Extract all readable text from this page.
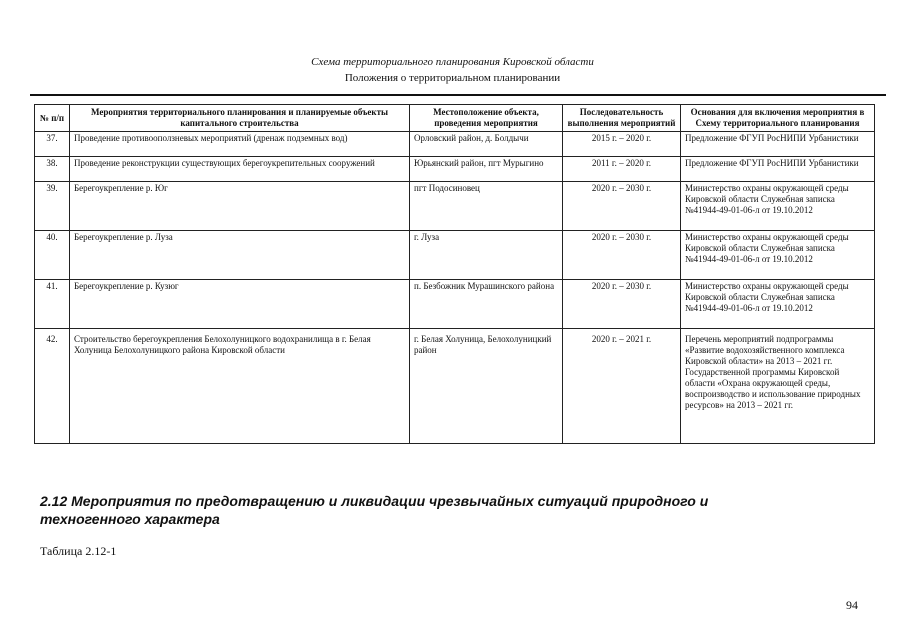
Схема территориального планирования Кировской области
Положения о территориальном планировании
№ п/п	Мероприятия территориального планирования и планируемые объекты капитального строительства	Местоположение объекта, проведения мероприятия	Последовательность выполнения мероприятий	Основания для включения мероприятия в Схему территориального планирования
37.	Проведение противооползневых мероприятий (дренаж подземных вод)	Орловский район, д. Болдычи	2015 г. – 2020 г.	Предложение ФГУП РосНИПИ Урбанистики
38.	Проведение реконструкции существующих берегоукрепительных сооружений	Юрьянский район, пгт Мурыгино	2011 г. – 2020 г.	Предложение ФГУП РосНИПИ Урбанистики
39.	Берегоукрепление р. Юг	пгт Подосиновец	2020 г. – 2030 г.	Министерство охраны окружающей среды Кировской области Служебная записка №41944-49-01-06-л от 19.10.2012
40.	Берегоукрепление р. Луза	г. Луза	2020 г. – 2030 г.	Министерство охраны окружающей среды Кировской области Служебная записка №41944-49-01-06-л от 19.10.2012
41.	Берегоукрепление р. Кузюг	п. Безбожник Мурашинского района	2020 г. – 2030 г.	Министерство охраны окружающей среды Кировской области Служебная записка №41944-49-01-06-л от 19.10.2012
42.	Строительство берегоукрепления Белохолуницкого водохранилища в г. Белая Холуница Белохолуницкого района Кировской области	г. Белая Холуница, Белохолуницкий район	2020 г. – 2021 г.	Перечень мероприятий подпрограммы «Развитие водохозяйственного комплекса Кировской области» на 2013 – 2021 гг. Государственной программы Кировской области «Охрана окружающей среды, воспроизводство и использование природных ресурсов» на 2013 – 2021 гг.
2.12 Мероприятия по предотвращению и ликвидации чрезвычайных ситуаций природного и техногенного характера
Таблица 2.12-1
94
